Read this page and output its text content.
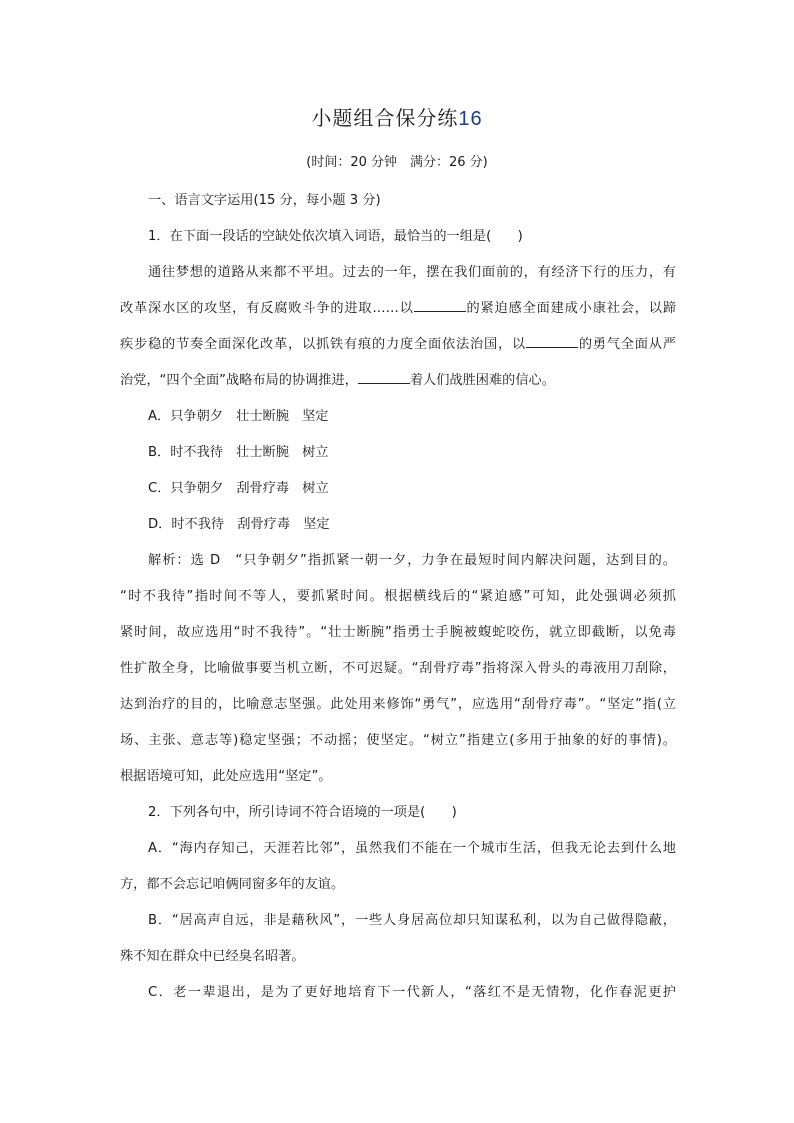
小题组合保分练16
(时间：20 分钟　满分：26 分)
一、语言文字运用(15 分，每小题 3 分)
1．在下面一段话的空缺处依次填入词语，最恰当的一组是(　　)
通往梦想的道路从来都不平坦。过去的一年，摆在我们面前的，有经济下行的压力，有
改革深水区的攻坚，有反腐败斗争的进取……以	的紧迫感全面建成小康社会，以蹄
疾步稳的节奏全面深化改革，以抓铁有痕的力度全面依法治国，以	的勇气全面从严
治党，“四个全面”战略布局的协调推进，	着人们战胜困难的信心。
A．只争朝夕　壮士断腕　坚定
B．时不我待　壮士断腕　树立
C．只争朝夕　刮骨疗毒　树立
D．时不我待　刮骨疗毒　坚定
解析：选 D　“只争朝夕”指抓紧一朝一夕，力争在最短时间内解决问题，达到目的。
“时不我待”指时间不等人，要抓紧时间。根据横线后的“紧迫感”可知，此处强调必须抓
紧时间，故应选用“时不我待”。“壮士断腕”指勇士手腕被蝮蛇咬伤，就立即截断，以免毒
性扩散全身，比喻做事要当机立断，不可迟疑。“刮骨疗毒”指将深入骨头的毒液用刀刮除，
达到治疗的目的，比喻意志坚强。此处用来修饰“勇气”，应选用“刮骨疗毒”。“坚定”指(立
场、主张、意志等)稳定坚强；不动摇；使坚定。“树立”指建立(多用于抽象的好的事情)。
根据语境可知，此处应选用“坚定”。
2．下列各句中，所引诗词不符合语境的一项是(　　)
A．“海内存知己，天涯若比邻”，虽然我们不能在一个城市生活，但我无论去到什么地
方，都不会忘记咱俩同窗多年的友谊。
B．“居高声自远，非是藉秋风”，一些人身居高位却只知谋私利，以为自己做得隐蔽，
殊不知在群众中已经臭名昭著。
C．老一辈退出，是为了更好地培育下一代新人，“落红不是无情物，化作春泥更护
